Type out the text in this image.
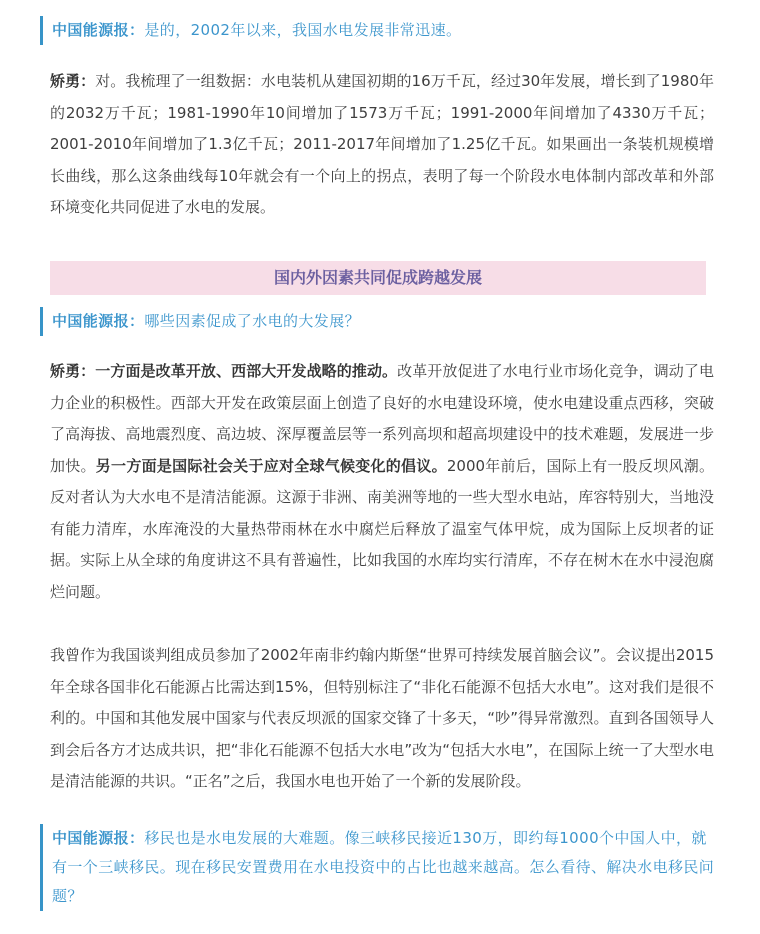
中国能源报：是的，2002年以来，我国水电发展非常迅速。

矫勇：对。我梳理了一组数据：水电装机从建国初期的16万千瓦，经过30年发展，增长到了1980年的2032万千瓦；1981-1990年10间增加了1573万千瓦；1991-2000年间增加了4330万千瓦；2001-2010年间增加了1.3亿千瓦；2011-2017年间增加了1.25亿千瓦。如果画出一条装机规模增长曲线，那么这条曲线每10年就会有一个向上的拐点，表明了每一个阶段水电体制内部改革和外部环境变化共同促进了水电的发展。

国内外因素共同促成跨越发展
中国能源报：哪些因素促成了水电的大发展？

矫勇：一方面是改革开放、西部大开发战略的推动。改革开放促进了水电行业市场化竞争，调动了电力企业的积极性。西部大开发在政策层面上创造了良好的水电建设环境，使水电建设重点西移，突破了高海拔、高地震烈度、高边坡、深厚覆盖层等一系列高坝和超高坝建设中的技术难题，发展进一步加快。另一方面是国际社会关于应对全球气候变化的倡议。2000年前后，国际上有一股反坝风潮。反对者认为大水电不是清洁能源。这源于非洲、南美洲等地的一些大型水电站，库容特别大，当地没有能力清库，水库淹没的大量热带雨林在水中腐烂后释放了温室气体甲烷，成为国际上反坝者的证据。实际上从全球的角度讲这不具有普遍性，比如我国的水库均实行清库，不存在树木在水中浸泡腐烂问题。

我曾作为我国谈判组成员参加了2002年南非约翰内斯堡“世界可持续发展首脑会议”。会议提出2015年全球各国非化石能源占比需达到15%，但特别标注了“非化石能源不包括大水电”。这对我们是很不利的。中国和其他发展中国家与代表反坝派的国家交锋了十多天，“吵”得异常激烈。直到各国领导人到会后各方才达成共识，把“非化石能源不包括大水电”改为“包括大水电”，在国际上统一了大型水电是清洁能源的共识。“正名”之后，我国水电也开始了一个新的发展阶段。

中国能源报：移民也是水电发展的大难题。像三峡移民接近130万，即约每1000个中国人中，就有一个三峡移民。现在移民安置费用在水电投资中的占比也越来越高。怎么看待、解决水电移民问题？
